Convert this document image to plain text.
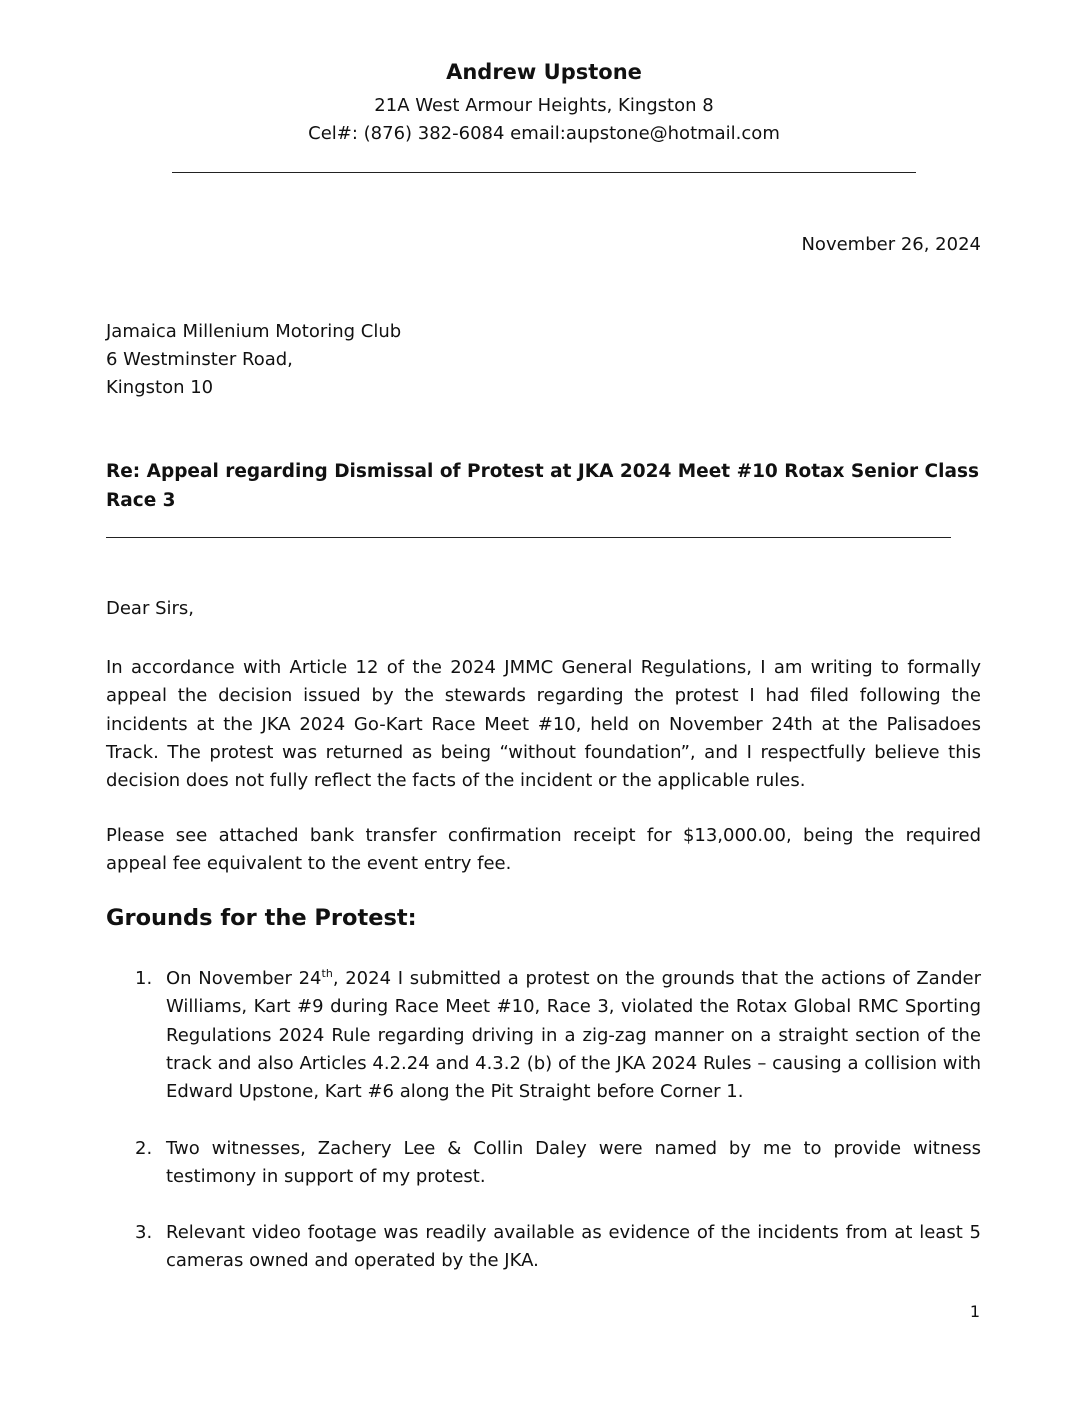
Andrew Upstone
21A West Armour Heights, Kingston 8
Cel#: (876) 382-6084 email:aupstone@hotmail.com
November 26, 2024
Jamaica Millenium Motoring Club
6 Westminster Road,
Kingston 10
Re: Appeal regarding Dismissal of Protest at JKA 2024 Meet #10 Rotax Senior Class Race 3
Dear Sirs,
In accordance with Article 12 of the 2024 JMMC General Regulations, I am writing to formally appeal the decision issued by the stewards regarding the protest I had filed following the incidents at the JKA 2024 Go-Kart Race Meet #10, held on November 24th at the Palisadoes Track. The protest was returned as being “without foundation”, and I respectfully believe this decision does not fully reflect the facts of the incident or the applicable rules.
Please see attached bank transfer confirmation receipt for $13,000.00, being the required appeal fee equivalent to the event entry fee.
Grounds for the Protest:
1. On November 24th, 2024 I submitted a protest on the grounds that the actions of Zander Williams, Kart #9 during Race Meet #10, Race 3, violated the Rotax Global RMC Sporting Regulations 2024 Rule regarding driving in a zig-zag manner on a straight section of the track and also Articles 4.2.24 and 4.3.2 (b) of the JKA 2024 Rules – causing a collision with Edward Upstone, Kart #6 along the Pit Straight before Corner 1.
2. Two witnesses, Zachery Lee & Collin Daley were named by me to provide witness testimony in support of my protest.
3. Relevant video footage was readily available as evidence of the incidents from at least 5 cameras owned and operated by the JKA.
1
